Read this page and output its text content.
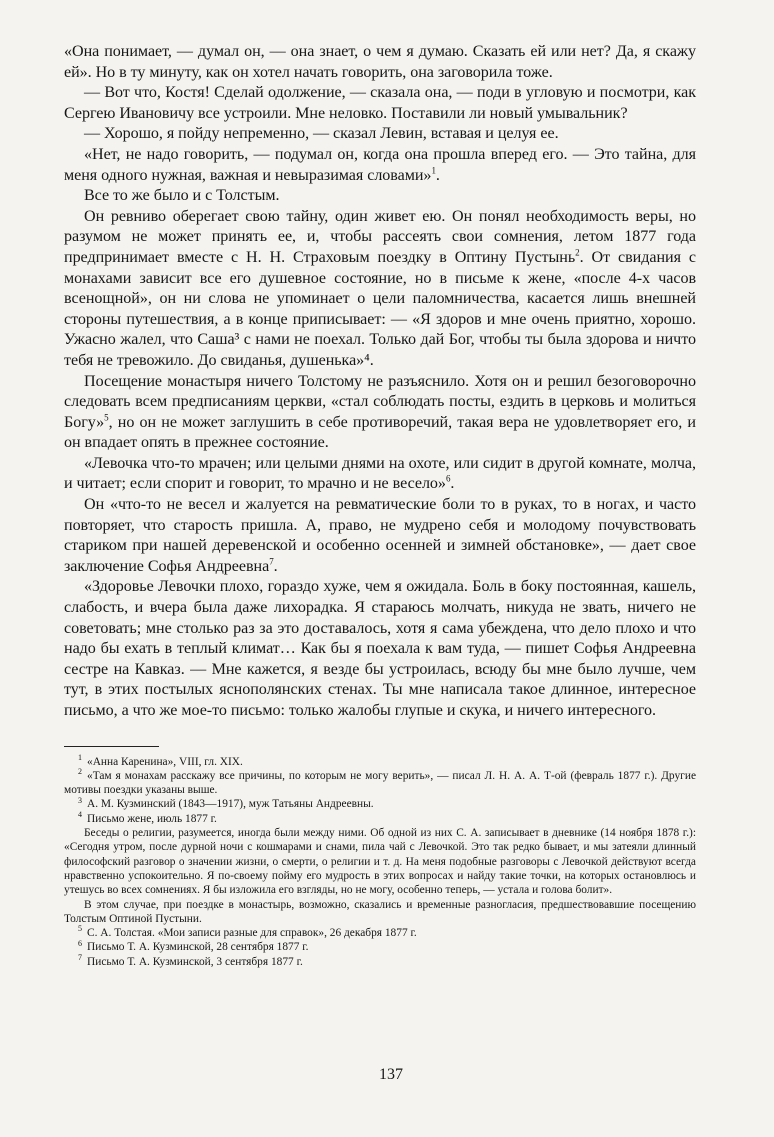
«Она понимает, — думал он, — она знает, о чем я думаю. Сказать ей или нет? Да, я скажу ей». Но в ту минуту, как он хотел начать говорить, она заговорила тоже.

— Вот что, Костя! Сделай одолжение, — сказала она, — поди в угловую и посмотри, как Сергею Ивановичу все устроили. Мне неловко. Поставили ли новый умывальник?

— Хорошо, я пойду непременно, — сказал Левин, вставая и целуя ее.

«Нет, не надо говорить, — подумал он, когда она прошла вперед его. — Это тайна, для меня одного нужная, важная и невыразимая словами»$^1$.

Все то же было и с Толстым.

Он ревниво оберегает свою тайну, один живет ею. Он понял необходимость веры, но разумом не может принять ее, и, чтобы рассеять свои сомнения, летом 1877 года предпринимает вместе с Н. Н. Страховым поездку в Оптину Пустынь$^2$. От свидания с монахами зависит все его душевное состояние, но в письме к жене, «после 4-х часов всенощной», он ни слова не упоминает о цели паломничества, касается лишь внешней стороны путешествия, а в конце приписывает: — «Я здоров и мне очень приятно, хорошо. Ужасно жалел, что Саша³ с нами не поехал. Только дай Бог, чтобы ты была здорова и ничто тебя не тревожило. До свиданья, душенька»⁴.

Посещение монастыря ничего Толстому не разъяснило. Хотя он и решил безоговорочно следовать всем предписаниям церкви, «стал соблюдать посты, ездить в церковь и молиться Богу»$^5$, но он не может заглушить в себе противоречий, такая вера не удовлетворяет его, и он впадает опять в прежнее состояние.

«Левочка что-то мрачен; или целыми днями на охоте, или сидит в другой комнате, молча, и читает; если спорит и говорит, то мрачно и не весело»$^6$.

Он «что-то не весел и жалуется на ревматические боли то в руках, то в ногах, и часто повторяет, что старость пришла. А, право, не мудрено себя и молодому почувствовать стариком при нашей деревенской и особенно осенней и зимней обстановке», — дает свое заключение Софья Андреевна$^7$.

«Здоровье Левочки плохо, гораздо хуже, чем я ожидала. Боль в боку постоянная, кашель, слабость, и вчера была даже лихорадка. Я стараюсь молчать, никуда не звать, ничего не советовать; мне столько раз за это доставалось, хотя я сама убеждена, что дело плохо и что надо бы ехать в теплый климат… Как бы я поехала к вам туда, — пишет Софья Андреевна сестре на Кавказ. — Мне кажется, я везде бы устроилась, всюду бы мне было лучше, чем тут, в этих постылых яснополянских стенах. Ты мне написала такое длинное, интересное письмо, а что же мое-то письмо: только жалобы глупые и скука, и ничего интересного.

$^1$ «Анна Каренина», VIII, гл. XIX.

$^2$ «Там я монахам расскажу все причины, по которым не могу верить», — писал Л. Н. А. А. Т-ой (февраль 1877 г.). Другие мотивы поездки указаны выше.

$^3$ А. М. Кузминский (1843—1917), муж Татьяны Андреевны.

$^4$ Письмо жене, июль 1877 г.

Беседы о религии, разумеется, иногда были между ними. Об одной из них С. А. записывает в дневнике (14 ноября 1878 г.): «Сегодня утром, после дурной ночи с кошмарами и снами, пила чай с Левочкой. Это так редко бывает, и мы затеяли длинный философский разговор о значении жизни, о смерти, о религии и т. д. На меня подобные разговоры с Левочкой действуют всегда нравственно успокоительно. Я по-своему пойму его мудрость в этих вопросах и найду такие точки, на которых остановлюсь и утешусь во всех сомнениях. Я бы изложила его взгляды, но не могу, особенно теперь, — устала и голова болит».

В этом случае, при поездке в монастырь, возможно, сказались и временные разногласия, предшествовавшие посещению Толстым Оптиной Пустыни.

$^5$ С. А. Толстая. «Мои записи разные для справок», 26 декабря 1877 г.

$^6$ Письмо Т. А. Кузминской, 28 сентября 1877 г.

$^7$ Письмо Т. А. Кузминской, 3 сентября 1877 г.

137
